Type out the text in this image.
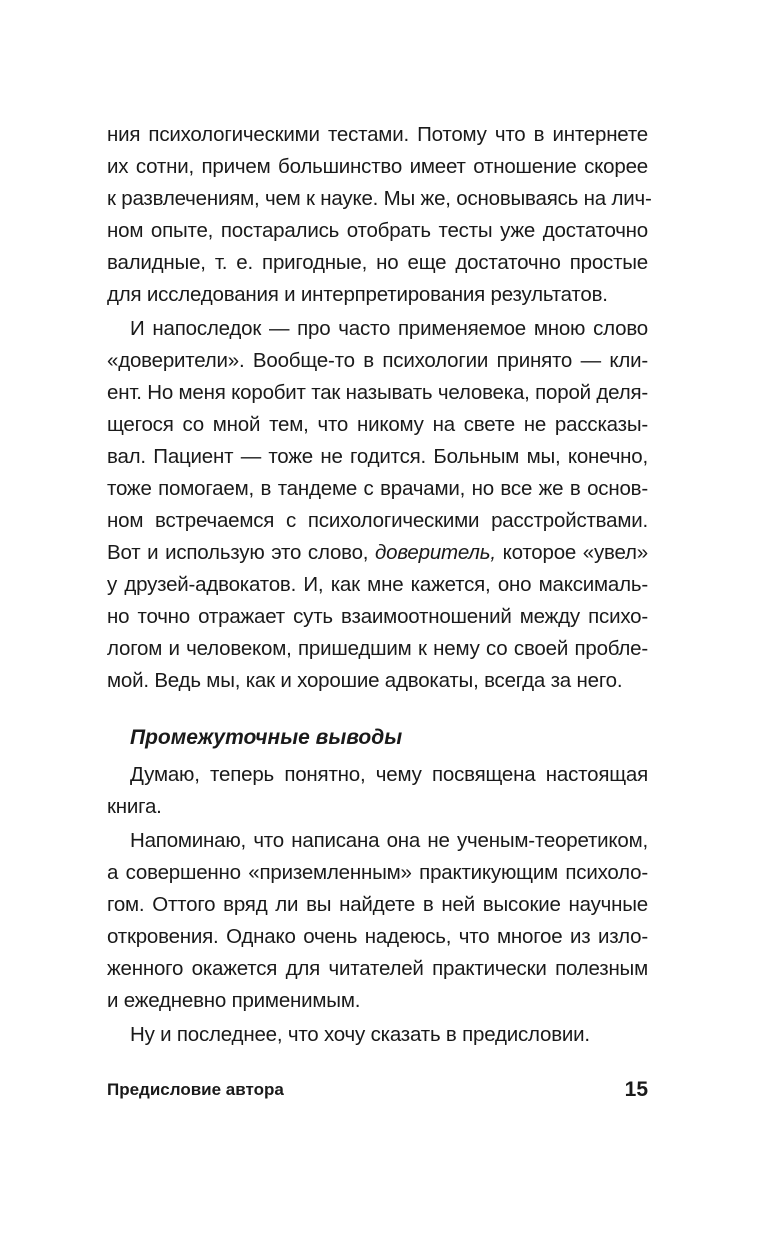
ния психологическими тестами. Потому что в интернете
их сотни, причем большинство имеет отношение скорее
к развлечениям, чем к науке. Мы же, основываясь на лич-
ном опыте, постарались отобрать тесты уже достаточно
валидные, т. е. пригодные, но еще достаточно простые
для исследования и интерпретирования результатов.
И напоследок — про часто применяемое мною слово
«доверители». Вообще-то в психологии принято — кли-
ент. Но меня коробит так называть человека, порой деля-
щегося со мной тем, что никому на свете не рассказы-
вал. Пациент — тоже не годится. Больным мы, конечно,
тоже помогаем, в тандеме с врачами, но все же в основ-
ном встречаемся с психологическими расстройствами.
Вот и использую это слово, доверитель, которое «увел»
у друзей-адвокатов. И, как мне кажется, оно максималь-
но точно отражает суть взаимоотношений между психо-
логом и человеком, пришедшим к нему со своей пробле-
мой. Ведь мы, как и хорошие адвокаты, всегда за него.
Промежуточные выводы
Думаю, теперь понятно, чему посвящена настоящая
книга.
Напоминаю, что написана она не ученым-теоретиком,
а совершенно «приземленным» практикующим психоло-
гом. Оттого вряд ли вы найдете в ней высокие научные
откровения. Однако очень надеюсь, что многое из изло-
женного окажется для читателей практически полезным
и ежедневно применимым.
Ну и последнее, что хочу сказать в предисловии.
Предисловие автора	15
